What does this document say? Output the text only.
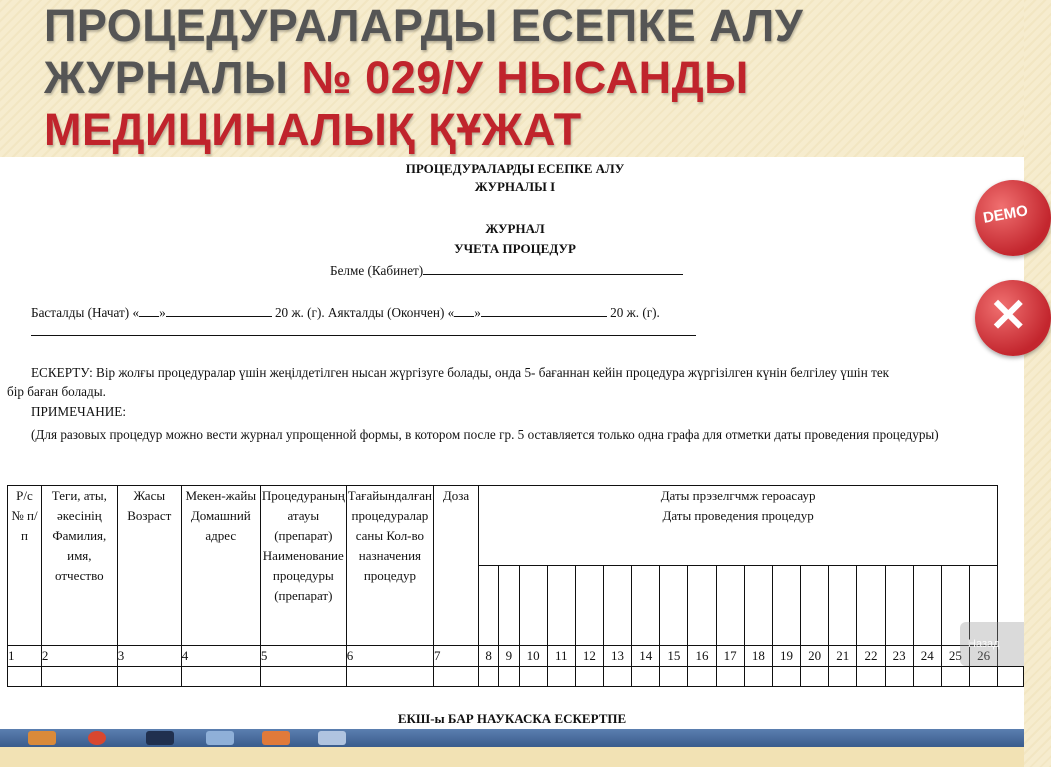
ПРОЦЕДУРАЛАРДЫ ЕСЕПКЕ АЛУ
ЖУРНАЛЫ № 029/У НЫСАНДЫ
МЕДИЦИНАЛЫҚ ҚҰЖАТ

ПРОЦЕДУРАЛАРДЫ ЕСЕПКЕ АЛУ

ЖУРНАЛЫ I

ЖУРНАЛ

УЧЕТА ПРОЦЕДУР

Белме (Кабинет)
Басталды (Начат) « »	20 ж. (г). Аякталды (Окончен) « »	20 ж. (г).
ЕСКЕРТУ: Вір жолғы процедуралар үшін жеңiлдетiлген нысан жүргiзуге болады, онда 5- бағаннан кейiн процедура жүргiзiлген күнін белгiлеу үшiн тек
бір баған болады.

ПРИМЕЧАНИЕ:

(Для разовых процедур можно вести журнал упрощенной формы, в котором после гр. 5 оставляется только одна графа для отметки даты проведения процедуры)

Р/с № п/п	Теги, аты, әкесінің Фамилия, имя, отчество	Жасы Возраст	Мекен-жайы Домашний адрес	Процедураның атауы (препарат) Наименование процедуры (препарат)	Тағайындалған процедуралар саны Кол-во назначения процедур	Доза	Даты прэзелгчмж героасаур
Даты проведения процедур																			

1	2	3	4	5	6	7	8	9	10	11	12	13	14	15	16	17	18	19	20	21	22	23	24	25	26	

ЕКШ-ы БАР НАУКАСКА ЕСКЕРТПЕ

DEMO
✕
Назад
